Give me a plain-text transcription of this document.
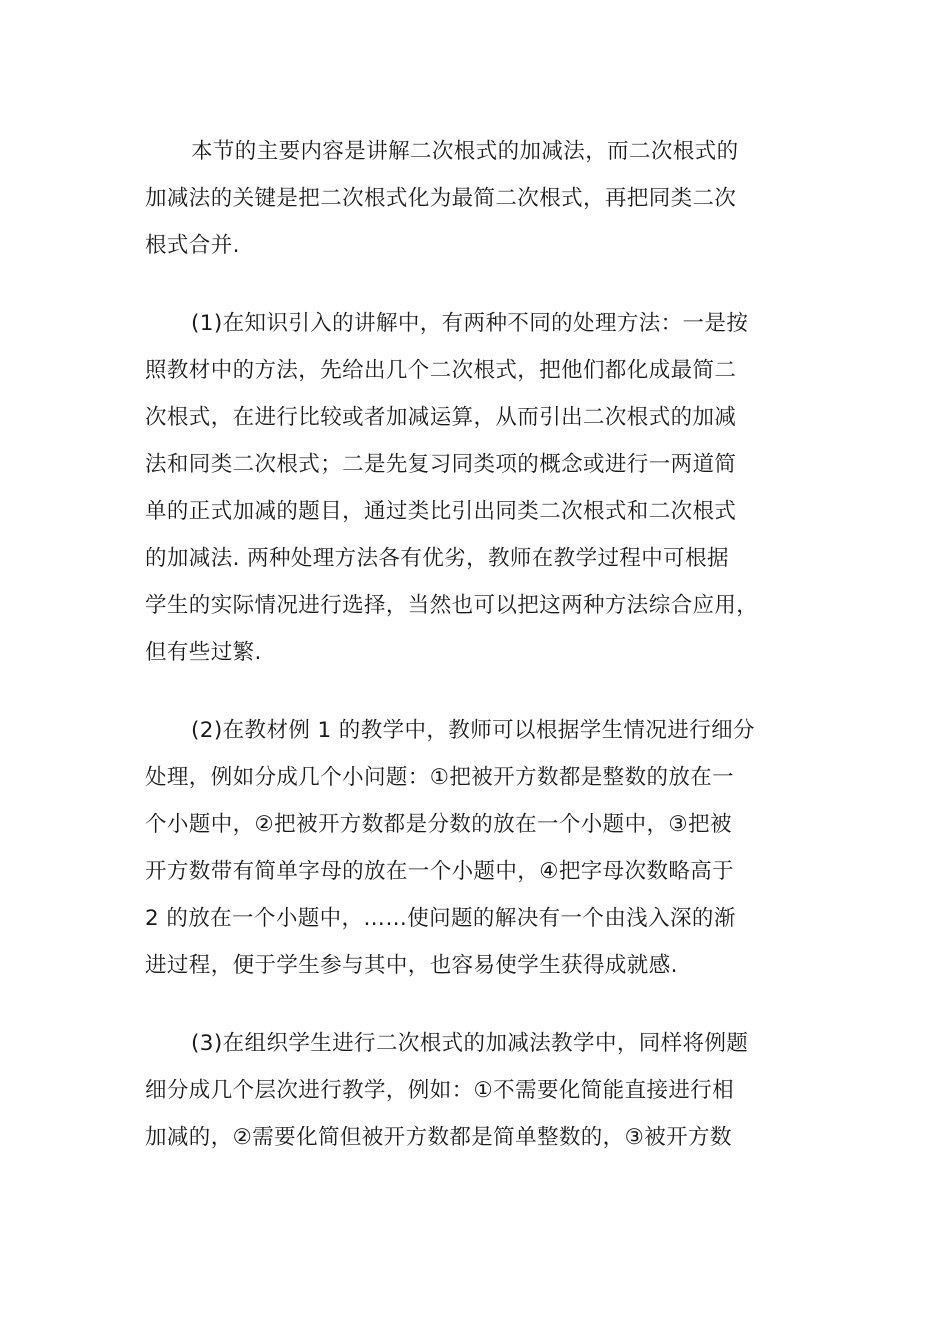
本节的主要内容是讲解二次根式的加减法，而二次根式的
加减法的关键是把二次根式化为最简二次根式，再把同类二次
根式合并.
(1)在知识引入的讲解中，有两种不同的处理方法：一是按
照教材中的方法，先给出几个二次根式，把他们都化成最简二
次根式，在进行比较或者加减运算，从而引出二次根式的加减
法和同类二次根式；二是先复习同类项的概念或进行一两道简
单的正式加减的题目，通过类比引出同类二次根式和二次根式
的加减法. 两种处理方法各有优劣，教师在教学过程中可根据
学生的实际情况进行选择，当然也可以把这两种方法综合应用，
但有些过繁.
(2)在教材例 1 的教学中，教师可以根据学生情况进行细分
处理，例如分成几个小问题：①把被开方数都是整数的放在一
个小题中，②把被开方数都是分数的放在一个小题中，③把被
开方数带有简单字母的放在一个小题中，④把字母次数略高于
2 的放在一个小题中，……使问题的解决有一个由浅入深的渐
进过程，便于学生参与其中，也容易使学生获得成就感.
(3)在组织学生进行二次根式的加减法教学中，同样将例题
细分成几个层次进行教学，例如：①不需要化简能直接进行相
加减的，②需要化简但被开方数都是简单整数的，③被开方数
